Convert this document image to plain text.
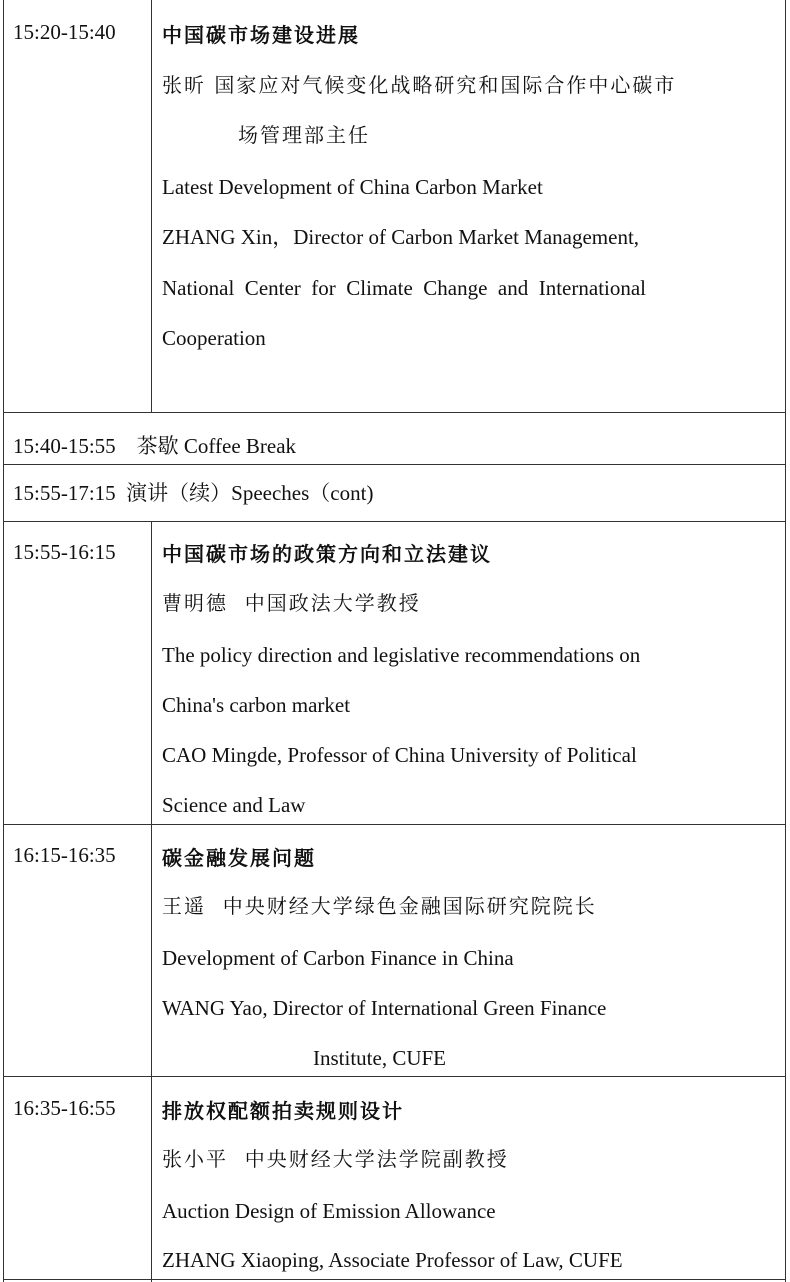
15:20-15:40 中国碳市场建设进展
张昕 国家应对气候变化战略研究和国际合作中心碳市
场管理部主任
Latest Development of China Carbon Market
ZHANG Xin，Director of Carbon Market Management,
National  Center  for  Climate  Change  and  International
Cooperation
15:40-15:55    茶歇 Coffee Break
15:55-17:15  演讲（续）Speeches（cont)
15:55-16:15 中国碳市场的政策方向和立法建议
曹明德  中国政法大学教授
The policy direction and legislative recommendations on
China's carbon market
CAO Mingde, Professor of China University of Political
Science and Law
16:15-16:35 碳金融发展问题
王遥  中央财经大学绿色金融国际研究院院长
Development of Carbon Finance in China
WANG Yao, Director of International Green Finance
Institute, CUFE
16:35-16:55 排放权配额拍卖规则设计
张小平  中央财经大学法学院副教授
Auction Design of Emission Allowance
ZHANG Xiaoping, Associate Professor of Law, CUFE
